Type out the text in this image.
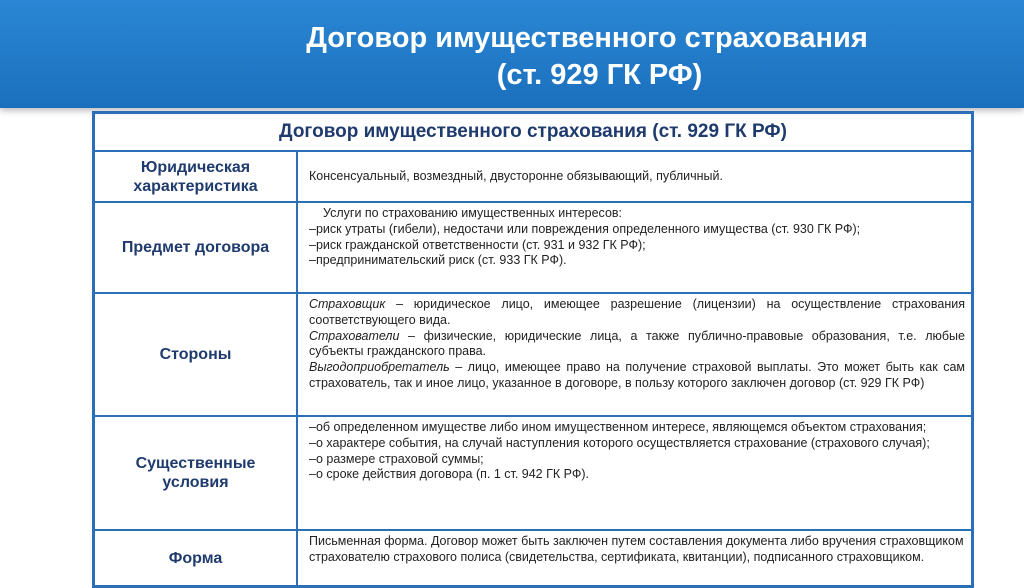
Договор имущественного страхования
(ст. 929 ГК РФ)
Договор имущественного страхования (ст. 929 ГК РФ)
Юридическая характеристика
Консенсуальный, возмездный, двусторонне обязывающий, публичный.
Предмет договора
Услуги по страхованию имущественных интересов:
–риск утраты (гибели), недостачи или повреждения определенного имущества (ст. 930 ГК РФ);
–риск гражданской ответственности (ст. 931 и 932 ГК РФ);
–предпринимательский риск (ст. 933 ГК РФ).
Стороны
Страховщик – юридическое лицо, имеющее разрешение (лицензии) на осуществление страхования соответствующего вида.
Страхователи – физические, юридические лица, а также публично-правовые образования, т.е. любые субъекты гражданского права.
Выгодоприобретатель – лицо, имеющее право на получение страховой выплаты. Это может быть как сам страхователь, так и иное лицо, указанное в договоре, в пользу которого заключен договор (ст. 929 ГК РФ)
Существенные условия
–об определенном имуществе либо ином имущественном интересе, являющемся объектом страхования;
–о характере события, на случай наступления которого осуществляется страхование (страхового случая);
–о размере страховой суммы;
–о сроке действия договора (п. 1 ст. 942 ГК РФ).
Форма
Письменная форма. Договор может быть заключен путем составления документа либо вручения страховщиком страхователю страхового полиса (свидетельства, сертификата, квитанции), подписанного страховщиком.
